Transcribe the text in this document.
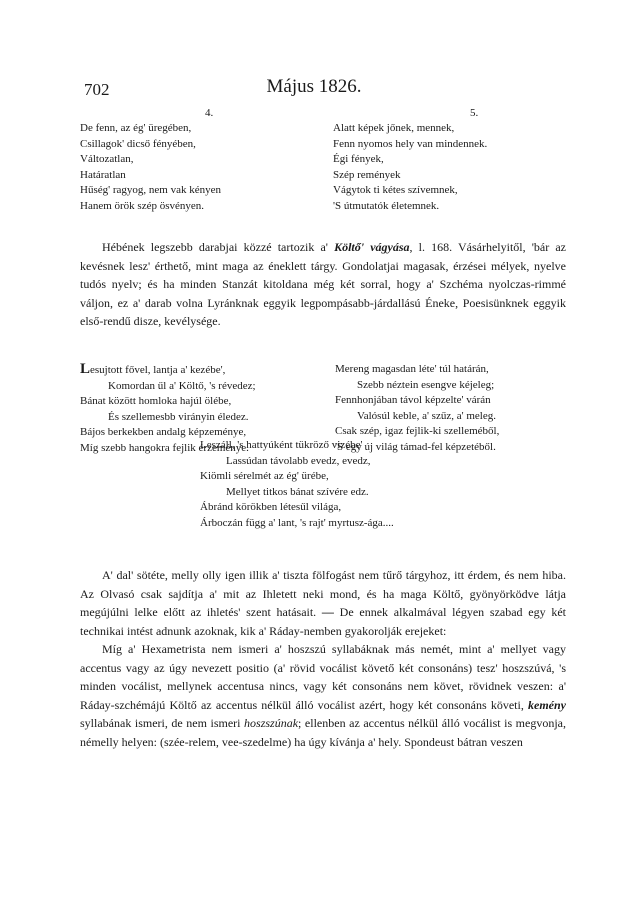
702	Május 1826.
4.	5.
De fenn, az ég' üregében,
Csillagok' dicső fényében,
Változatlan,
Határatlan
Hűség' ragyog, nem vak kényen
Hanem örök szép ösvényen.
Alatt képek jőnek, mennek,
Fenn nyomos hely van mindennek.
Égi fények,
Szép remények
Vágytok ti kétes szívemnek,
'S útmutatók életemnek.

Hébének legszebb darabjai közzé tartozik a' Költő' vágyása, l. 168. Vásárhelyitől, 'bár az kevésnek lesz' érthető, mint maga az éneklett tárgy. Gondolatjai magasak, érzései mélyek, nyelve tudós nyelv; és ha minden Stanzát kitoldana még két sorral, hogy a' Szchéma nyolczas-rimmé váljon, ez a' darab volna Lyránknak eggyik legpompásabb-járdallású Éneke, Poesisünknek eggyik első-rendű disze, kevélysége.

Lesujtott fővel, lantja a' kezébe',
Komordan űl a' Költő, 's révedez;
Bánat között homloka hajúl ölébe,
És szellemesbb virányin éledez.
Bájos berkekben andalg képzeménye,
Míg szebb hangokra fejlik érzeménye.
Mereng magasdan léte' túl határán,
Szebb néztein esengve kéjeleg;
Fennhonjában távol képzelte' várán
Valósúl keble, a' szűz, a' meleg.
Csak szép, igaz fejlik-ki szelleméből,
'S egy új világ támad-fel képzetéből.
Leszáll, 's hattyúként tükröző vizébe'
Lassúdan távolabb evedz, evedz,
Kiömli sérelmét az ég' ürébe,
Mellyet titkos bánat szívére edz.
Ábránd körökben létesűl világa,
Árboczán függ a' lant, 's rajt' myrtusz-ága....

A' dal' sötéte, melly olly igen illik a' tiszta fölfogást nem tűrő tárgyhoz, itt érdem, és nem hiba. Az Olvasó csak sajdítja a' mit az Ihletett neki mond, és ha maga Költő, gyönyörködve látja megújúlni lelke előtt az ihletés' szent hatásait. — De ennek alkalmával légyen szabad egy két technikai intést adnunk azoknak, kik a' Ráday-nemben gyakorolják erejeket:

Míg a' Hexametrista nem ismeri a' hoszszú syllabáknak más nemét, mint a' mellyet vagy accentus vagy az úgy nevezett positio (a' rövid vocálist követő két consonáns) tesz' hoszszúvá, 's minden vocálist, mellynek accentusa nincs, vagy két consonáns nem követ, rövidnek veszen: a' Ráday-szchémájú Költő az accentus nélkül álló vocálist azért, hogy két consonáns követi, kemény syllabának ismeri, de nem ismeri hoszszúnak; ellenben az accentus nélkül álló vocálist is megvonja, némelly helyen: (szée-relem, vee-szedelme) ha úgy kívánja a' hely. Spondeust bátran veszen
